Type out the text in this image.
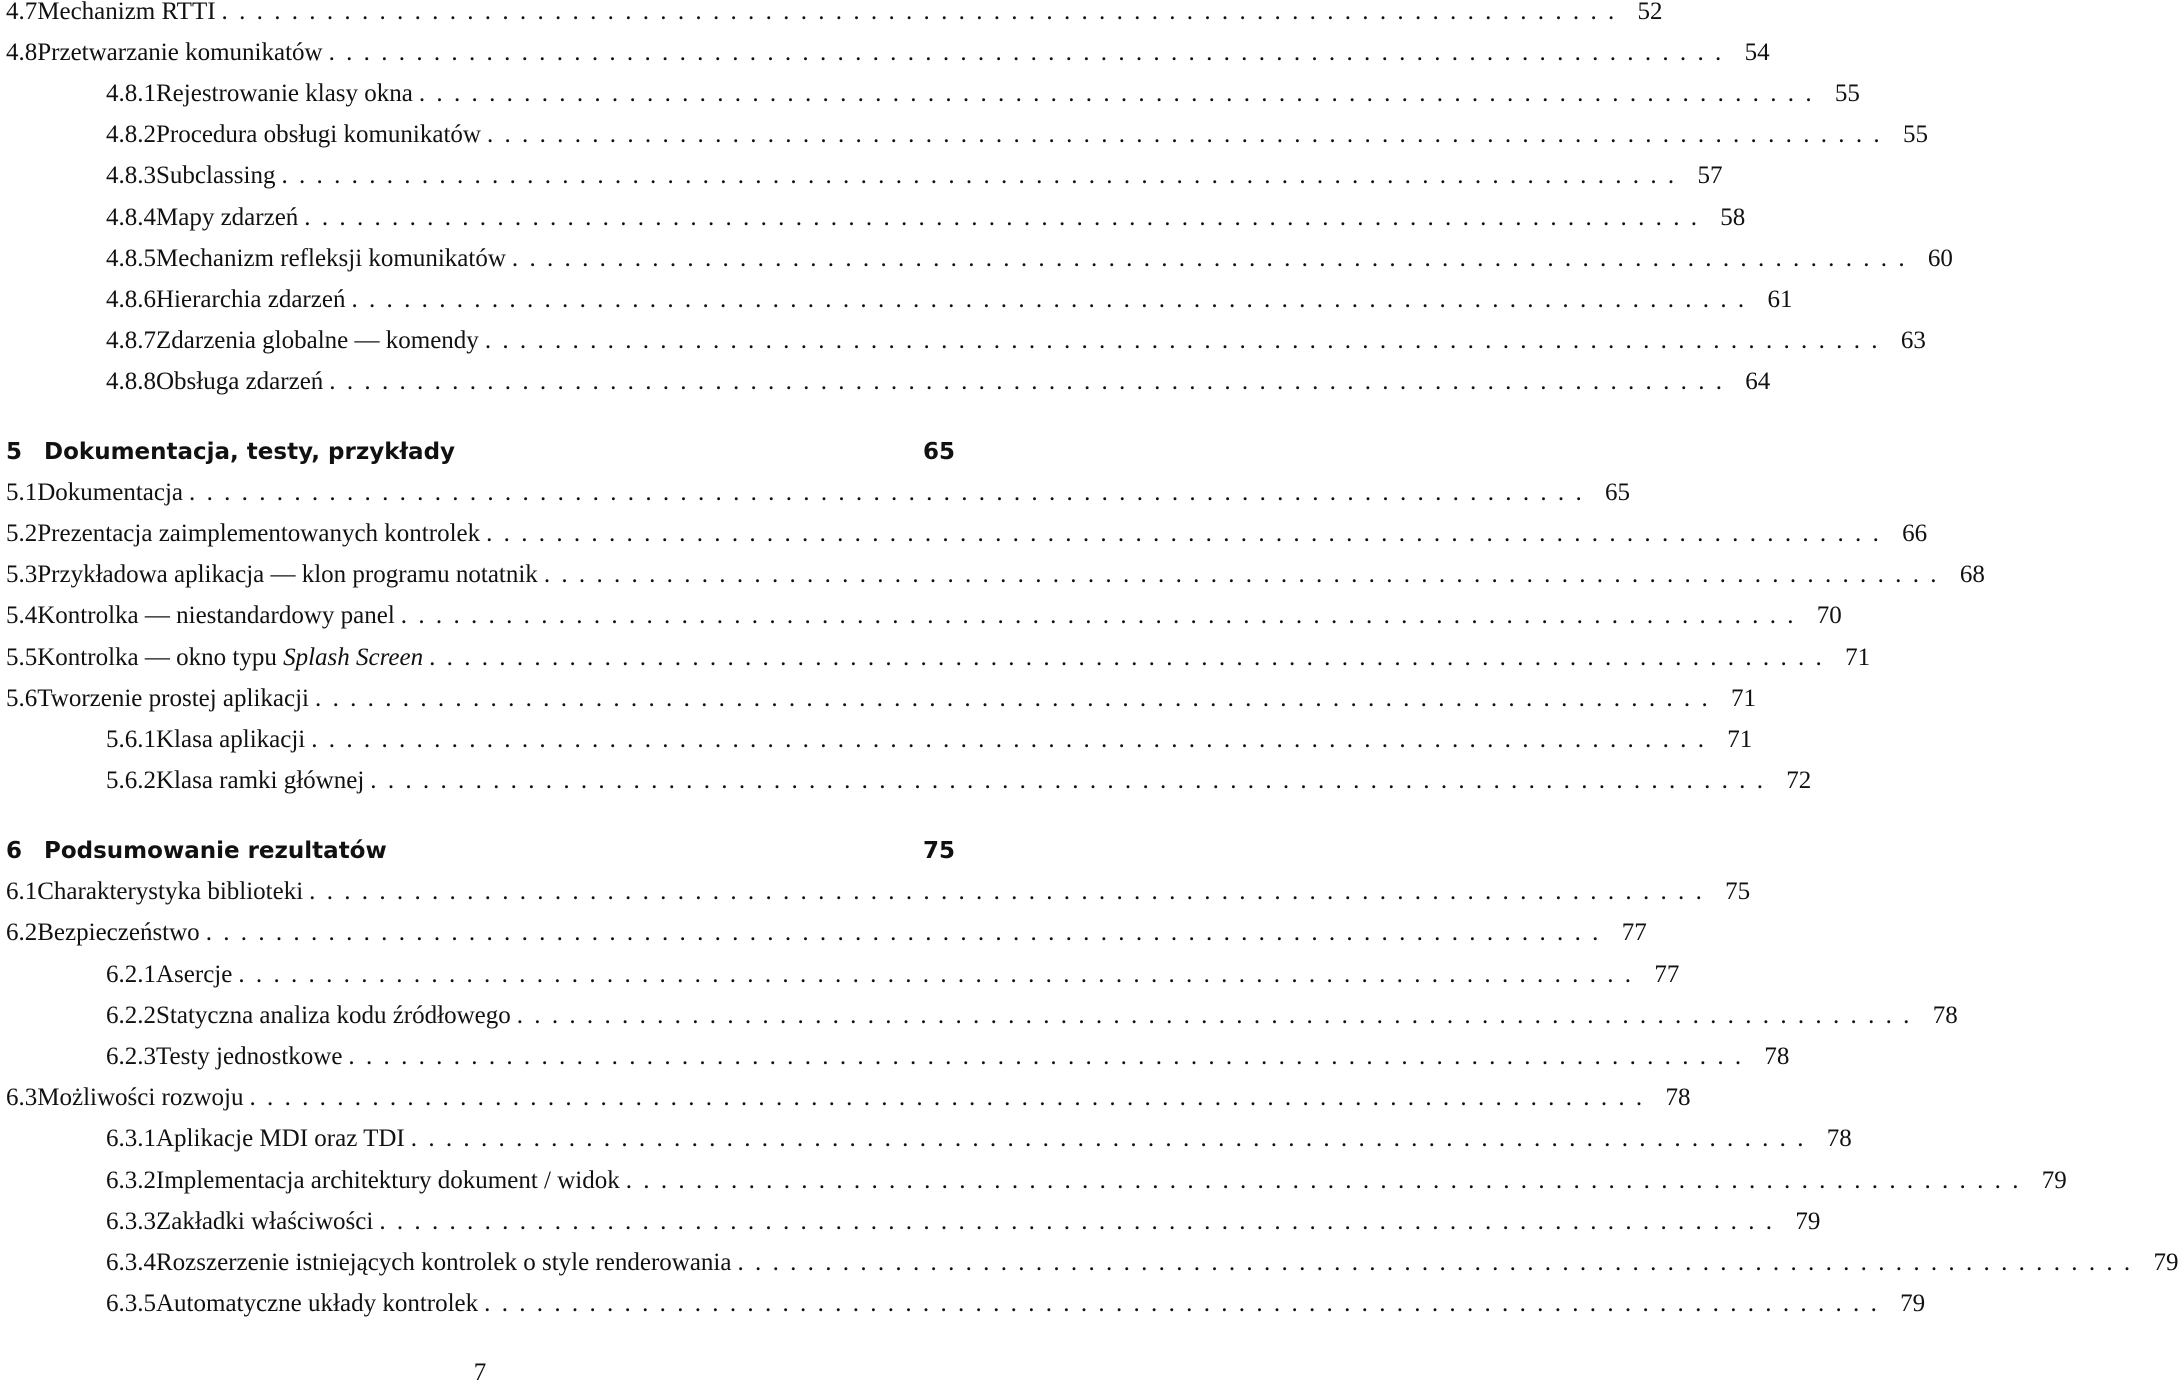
4.7 Mechanizm RTTI ................................................................................ 52
4.8 Przetwarzanie komunikatów ................................................................................ 54
4.8.1 Rejestrowanie klasy okna ................................................................................ 55
4.8.2 Procedura obsługi komunikatów ................................................................................ 55
4.8.3 Subclassing ................................................................................ 57
4.8.4 Mapy zdarzeń ................................................................................ 58
4.8.5 Mechanizm refleksji komunikatów ................................................................................ 60
4.8.6 Hierarchia zdarzeń ................................................................................ 61
4.8.7 Zdarzenia globalne — komendy ................................................................................ 63
4.8.8 Obsługa zdarzeń ................................................................................ 64
5 Dokumentacja, testy, przykłady	65
5.1 Dokumentacja ................................................................................ 65
5.2 Prezentacja zaimplementowanych kontrolek ................................................................................ 66
5.3 Przykładowa aplikacja — klon programu notatnik ................................................................................ 68
5.4 Kontrolka — niestandardowy panel ................................................................................ 70
5.5 Kontrolka — okno typu Splash Screen ................................................................................ 71
5.6 Tworzenie prostej aplikacji ................................................................................ 71
5.6.1 Klasa aplikacji ................................................................................ 71
5.6.2 Klasa ramki głównej ................................................................................ 72
6 Podsumowanie rezultatów	75
6.1 Charakterystyka biblioteki ................................................................................ 75
6.2 Bezpieczeństwo ................................................................................ 77
6.2.1 Asercje ................................................................................ 77
6.2.2 Statyczna analiza kodu źródłowego ................................................................................ 78
6.2.3 Testy jednostkowe ................................................................................ 78
6.3 Możliwości rozwoju ................................................................................ 78
6.3.1 Aplikacje MDI oraz TDI ................................................................................ 78
6.3.2 Implementacja architektury dokument / widok ................................................................................ 79
6.3.3 Zakładki właściwości ................................................................................ 79
6.3.4 Rozszerzenie istniejących kontrolek o style renderowania ................................................................................ 79
6.3.5 Automatyczne układy kontrolek ................................................................................ 79
7
